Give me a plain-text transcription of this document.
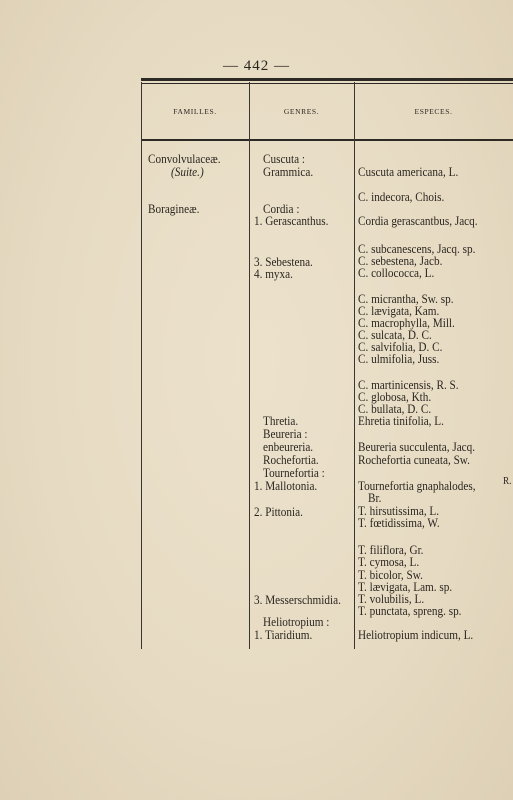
— 442 —
FAMILLES.	GENRES.	ESPECES.
Convolvulaceæ.
(Suite.)
Boragineæ.
Cuscuta :
Grammica.
Cordia :
1. Gerascanthus.
3. Sebestena.
4. myxa.
Thretia.
Beureria :
enbeureria.
Rochefortia.
Tournefortia :
1. Mallotonia.
2. Pittonia.
3. Messerschmidia.
Heliotropium :
1. Tiaridium.
Cuscuta americana, L.
C. indecora, Chois.
Cordia gerascantbus, Jacq.
C. subcanescens, Jacq. sp.
C. sebestena, Jacb.
C. collococca, L.
C. micrantha, Sw. sp.
C. lævigata, Kam.
C. macrophylla, Mill.
C. sulcata, D. C.
C. salvifolia, D. C.
C. ulmifolia, Juss.
C. martinicensis, R. S.
C. globosa, Kth.
C. bullata, D. C.
Ehretia tinifolia, L.
Beureria succulenta, Jacq.
Rochefortia cuneata, Sw.
Tournefortia gnaphalodes,
Br.
T. hirsutissima, L.
T. fœtidissima, W.
T. filiflora, Gr.
T. cymosa, L.
T. bicolor, Sw.
T. lævigata, Lam. sp.
T. volubilis, L.
T. punctata, spreng. sp.
Heliotropium indicum, L.
R.
